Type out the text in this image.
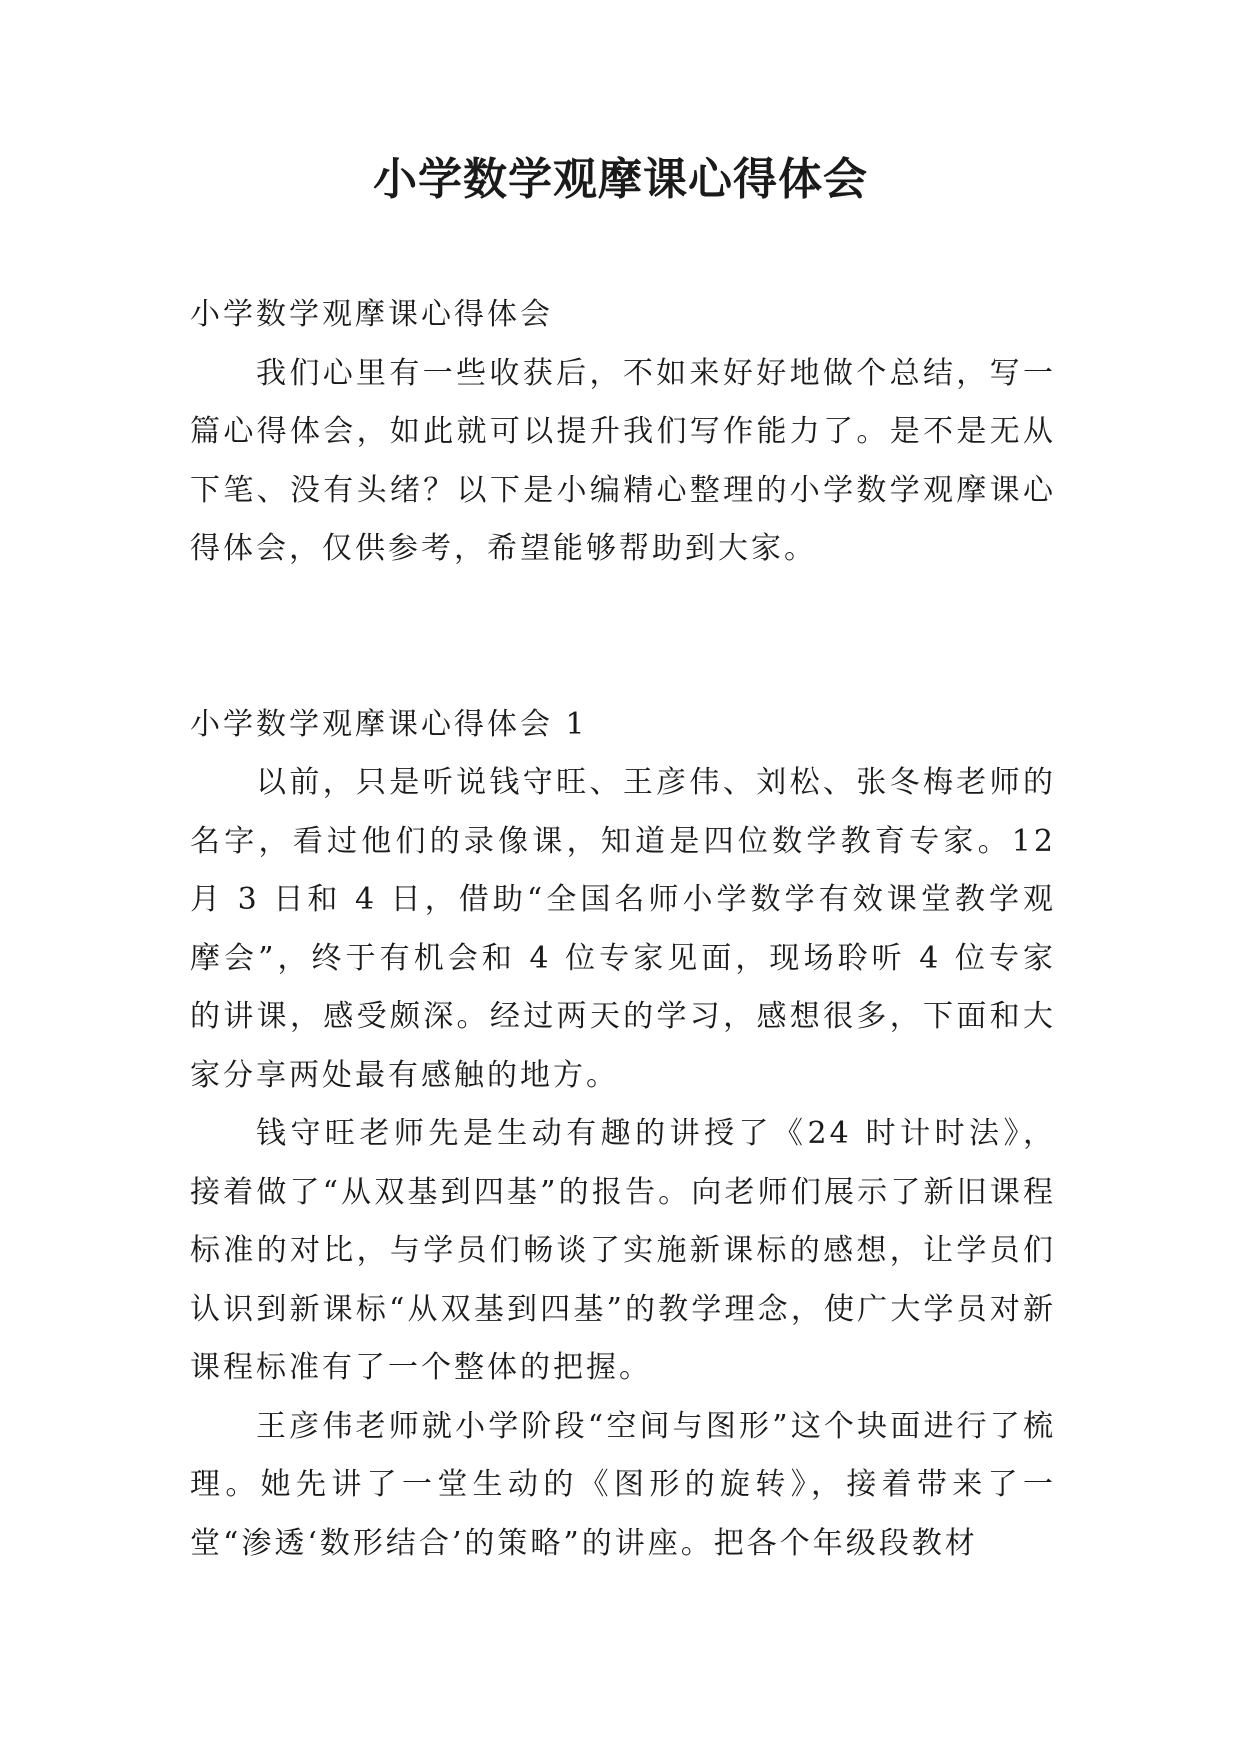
小学数学观摩课心得体会

小学数学观摩课心得体会

我们心里有一些收获后，不如来好好地做个总结，写一篇心得体会，如此就可以提升我们写作能力了。是不是无从下笔、没有头绪？以下是小编精心整理的小学数学观摩课心得体会，仅供参考，希望能够帮助到大家。

小学数学观摩课心得体会 1

以前，只是听说钱守旺、王彦伟、刘松、张冬梅老师的名字，看过他们的录像课，知道是四位数学教育专家。12月 3 日和 4 日，借助“全国名师小学数学有效课堂教学观摩会”，终于有机会和 4 位专家见面，现场聆听 4 位专家的讲课，感受颇深。经过两天的学习，感想很多，下面和大家分享两处最有感触的地方。

钱守旺老师先是生动有趣的讲授了《24 时计时法》，接着做了“从双基到四基”的报告。向老师们展示了新旧课程标准的对比，与学员们畅谈了实施新课标的感想，让学员们认识到新课标“从双基到四基”的教学理念，使广大学员对新课程标准有了一个整体的把握。

王彦伟老师就小学阶段“空间与图形”这个块面进行了梳理。她先讲了一堂生动的《图形的旋转》，接着带来了一堂“渗透‘数形结合’的策略”的讲座。把各个年级段教材
